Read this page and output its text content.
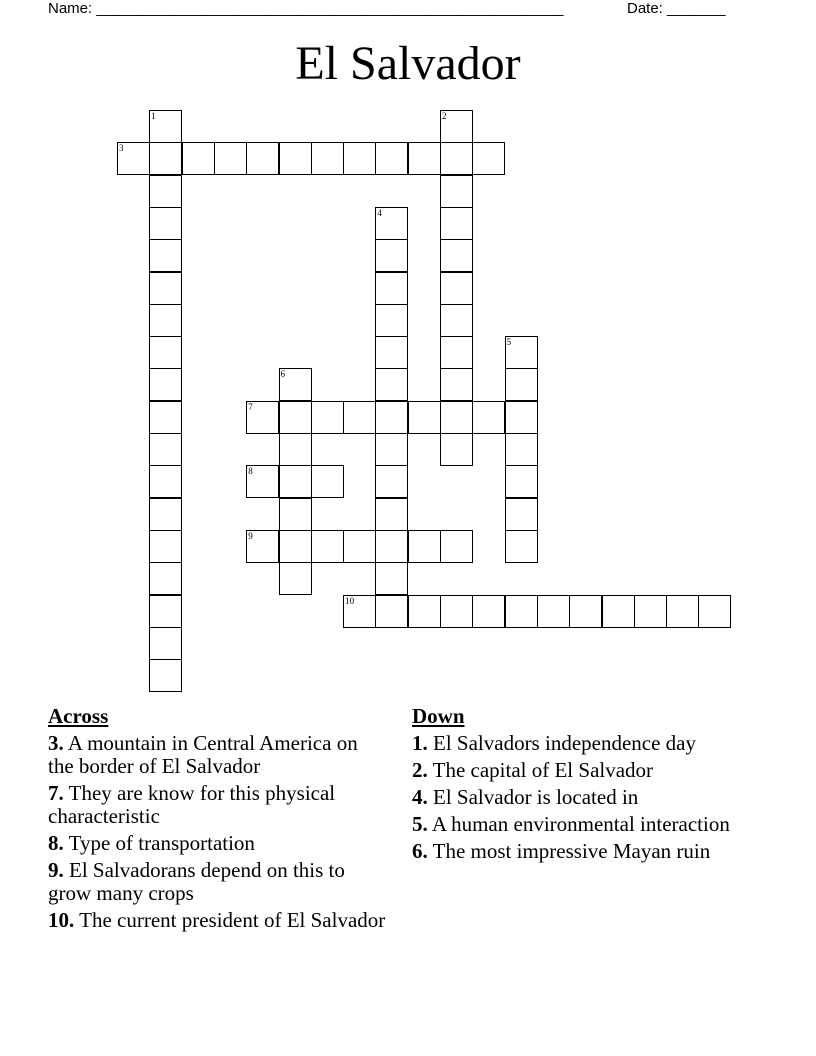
Name: ________________________________________________________	Date: _______
El Salvador
1	2
3
4
5
6
7
8
9
10
Across
3. A mountain in Central America on the border of El Salvador
7. They are know for this physical characteristic
8. Type of transportation
9. El Salvadorans depend on this to grow many crops
10. The current president of El Salvador
Down
1. El Salvadors independence day
2. The capital of El Salvador
4. El Salvador is located in
5. A human environmental interaction
6. The most impressive Mayan ruin
